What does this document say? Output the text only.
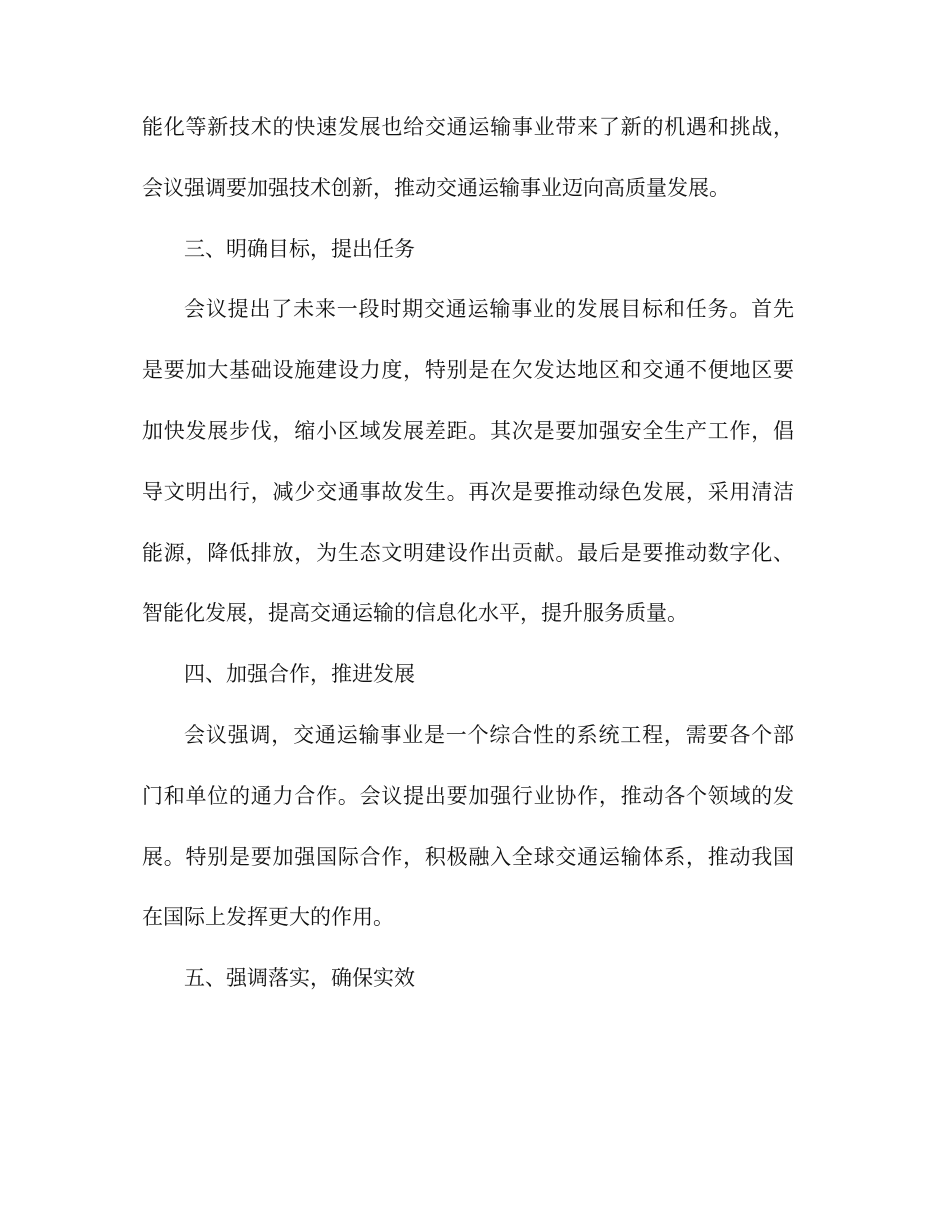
能化等新技术的快速发展也给交通运输事业带来了新的机遇和挑战，
会议强调要加强技术创新，推动交通运输事业迈向高质量发展。
三、明确目标，提出任务
会议提出了未来一段时期交通运输事业的发展目标和任务。首先
是要加大基础设施建设力度，特别是在欠发达地区和交通不便地区要
加快发展步伐，缩小区域发展差距。其次是要加强安全生产工作，倡
导文明出行，减少交通事故发生。再次是要推动绿色发展，采用清洁
能源，降低排放，为生态文明建设作出贡献。最后是要推动数字化、
智能化发展，提高交通运输的信息化水平，提升服务质量。
四、加强合作，推进发展
会议强调，交通运输事业是一个综合性的系统工程，需要各个部
门和单位的通力合作。会议提出要加强行业协作，推动各个领域的发
展。特别是要加强国际合作，积极融入全球交通运输体系，推动我国
在国际上发挥更大的作用。
五、强调落实，确保实效
